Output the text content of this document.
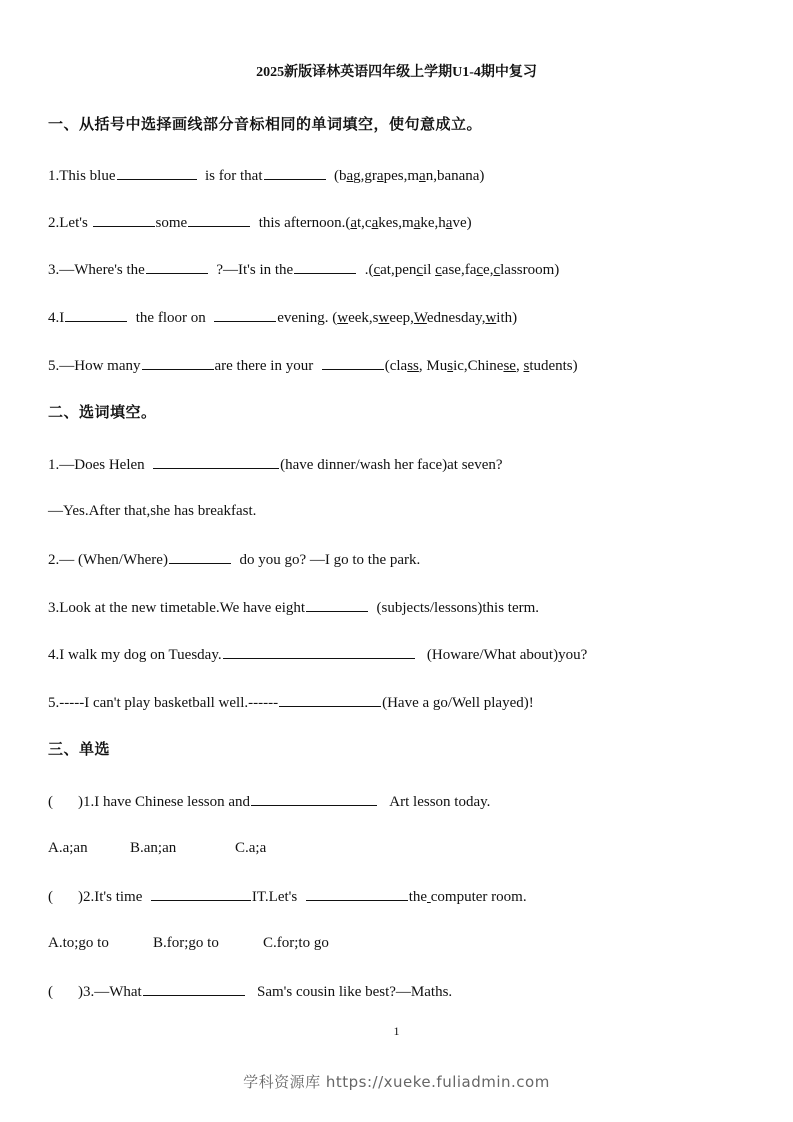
2025新版译林英语四年级上学期U1-4期中复习
一、从括号中选择画线部分音标相同的单词填空，使句意成立。
1.This blue	is for that	(bag,grapes,man,banana)
2.Let's	some	this afternoon.(at,cakes,make,have)
3.—Where's the	?—It's in the	.(cat,pencil case,face,classroom)
4.I	the floor on	evening. (week,sweep,Wednesday,with)
5.—How many	are there in your	(class, Music,Chinese, students)
二、选词填空。
1.—Does Helen	(have dinner/wash her face)at seven?
—Yes.After that,she has breakfast.
2.— (When/Where)	do you go? —I go to the park.
3.Look at the new timetable.We have eight	(subjects/lessons)this term.
4.I walk my dog on Tuesday.	(Howare/What about)you?
5.-----I can't play basketball well.------	(Have a go/Well played)!
三、单选
( )1.I have Chinese lesson and	Art lesson today.
A.a;an	B.an;an	C.a;a
( )2.It's time	IT.Let's	the computer room.
A.to;go to	B.for;go to	C.for;to go
( )3.—What	Sam's cousin like best?—Maths.
1
学科资源库 https://xueke.fuliadmin.com
